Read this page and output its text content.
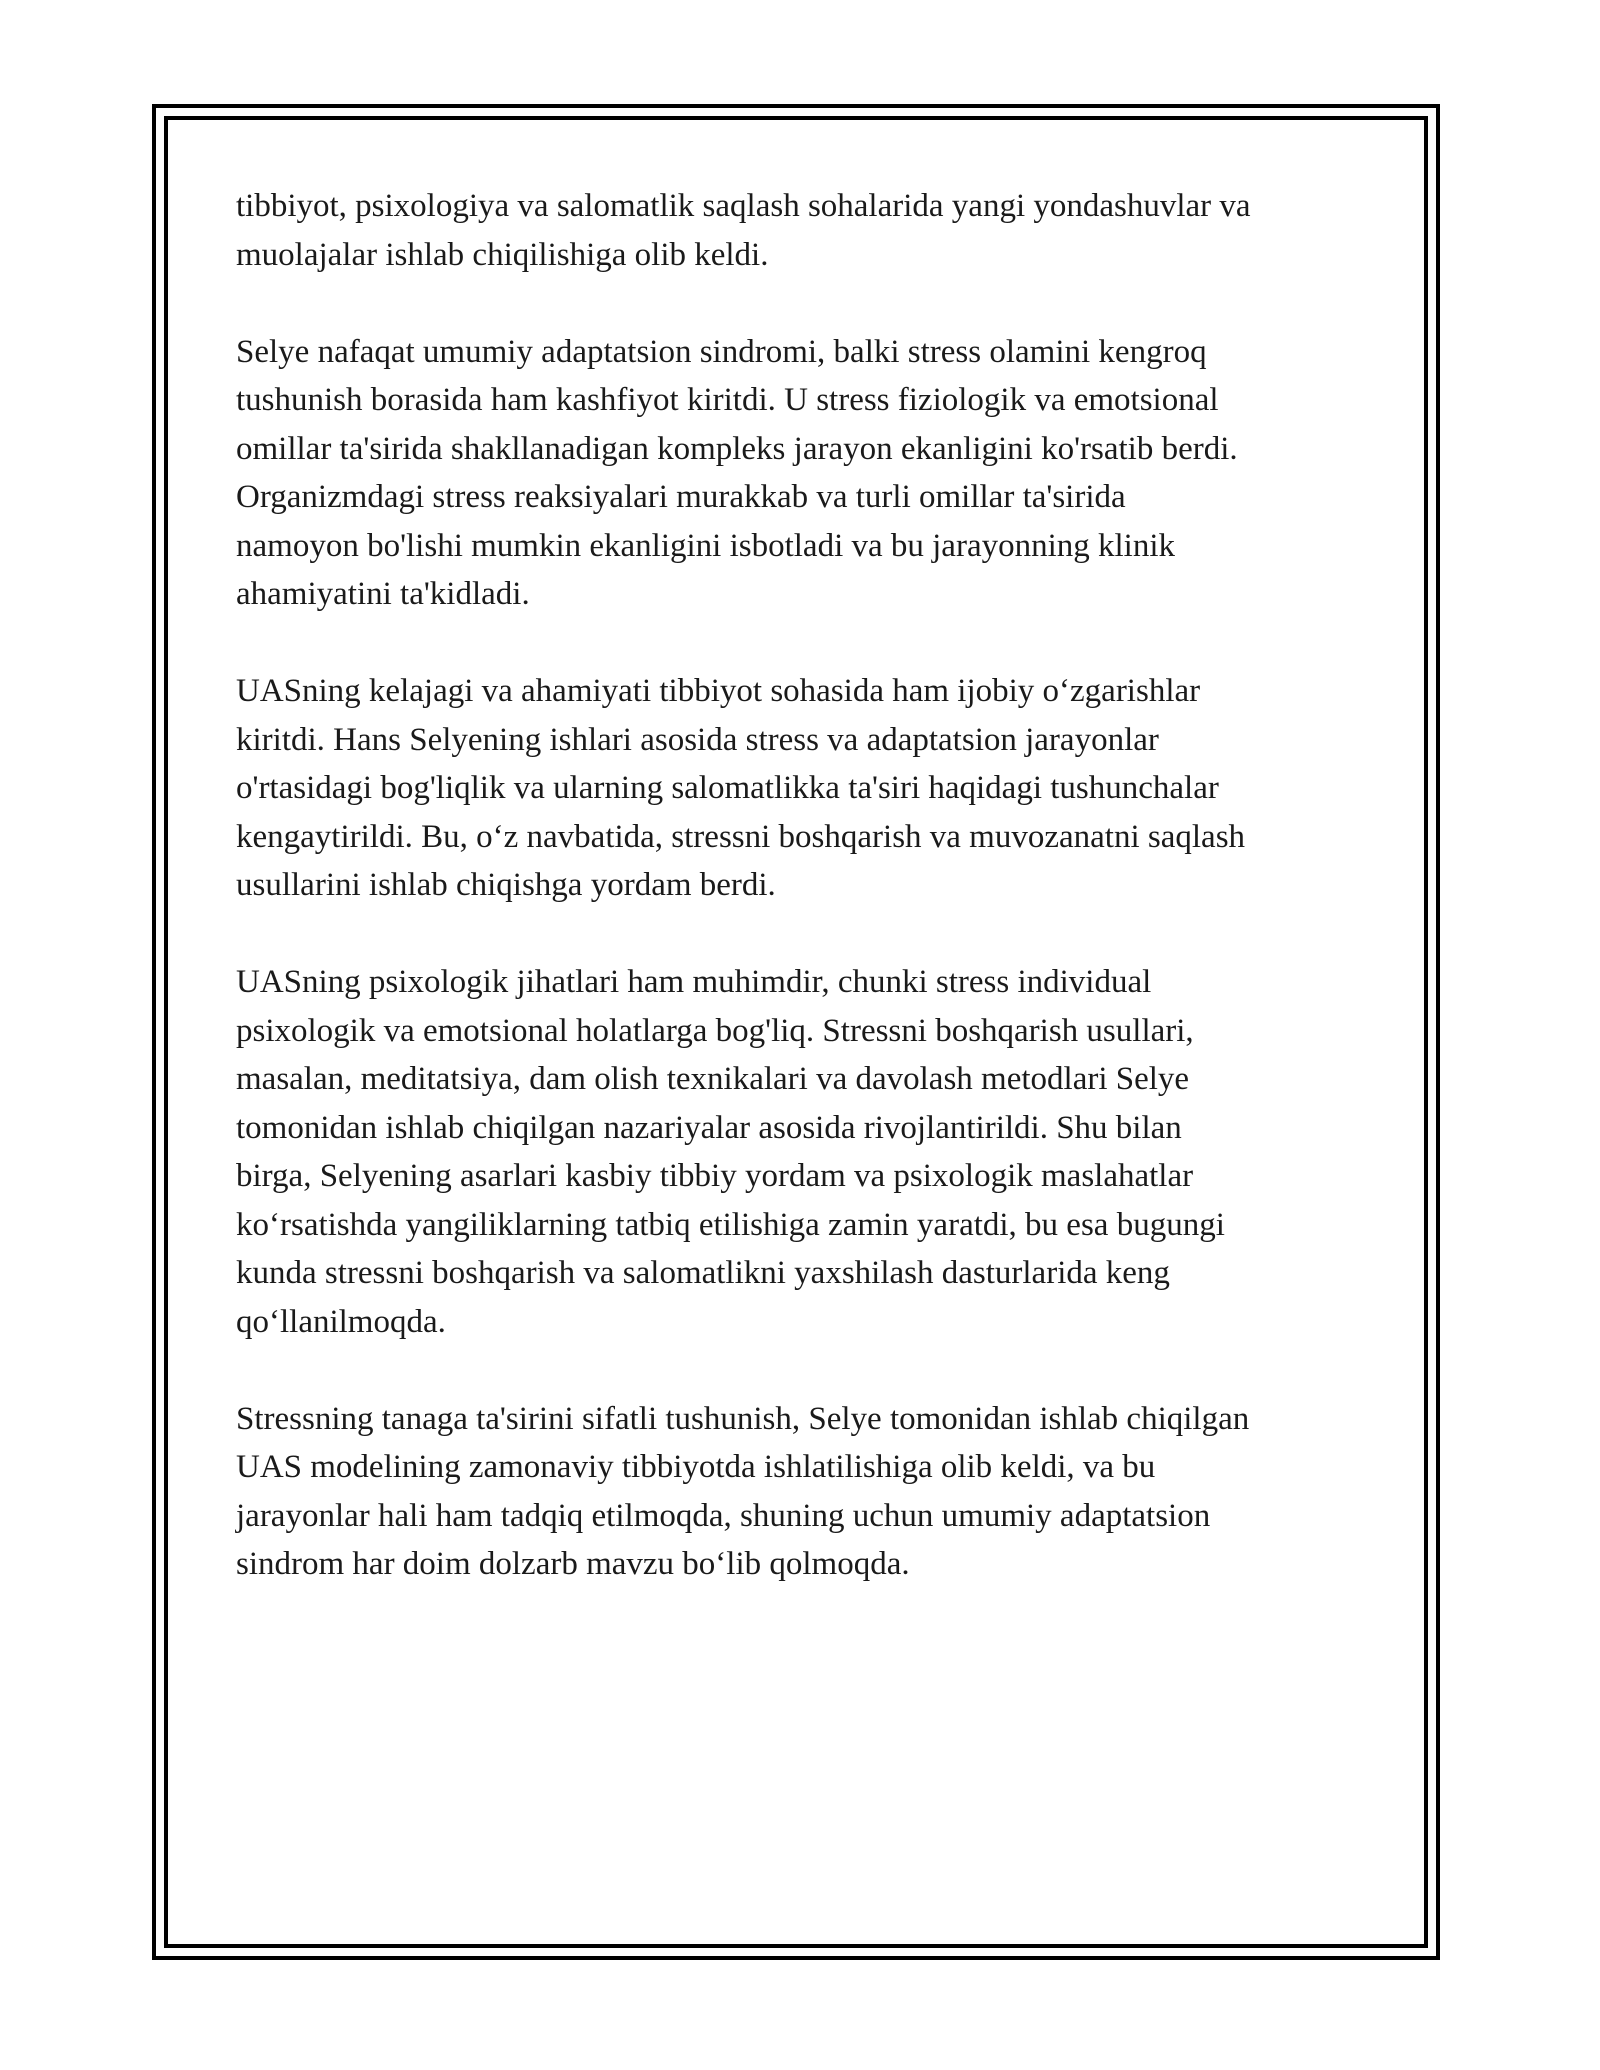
tibbiyot, psixologiya va salomatlik saqlash sohalarida yangi yondashuvlar va
muolajalar ishlab chiqilishiga olib keldi.

Selye nafaqat umumiy adaptatsion sindromi, balki stress olamini kengroq
tushunish borasida ham kashfiyot kiritdi. U stress fiziologik va emotsional
omillar ta'sirida shakllanadigan kompleks jarayon ekanligini ko'rsatib berdi.
Organizmdagi stress reaksiyalari murakkab va turli omillar ta'sirida
namoyon bo'lishi mumkin ekanligini isbotladi va bu jarayonning klinik
ahamiyatini ta'kidladi.

UASning kelajagi va ahamiyati tibbiyot sohasida ham ijobiy o‘zgarishlar
kiritdi. Hans Selyening ishlari asosida stress va adaptatsion jarayonlar
o'rtasidagi bog'liqlik va ularning salomatlikka ta'siri haqidagi tushunchalar
kengaytirildi. Bu, o‘z navbatida, stressni boshqarish va muvozanatni saqlash
usullarini ishlab chiqishga yordam berdi.

UASning psixologik jihatlari ham muhimdir, chunki stress individual
psixologik va emotsional holatlarga bog'liq. Stressni boshqarish usullari,
masalan, meditatsiya, dam olish texnikalari va davolash metodlari Selye
tomonidan ishlab chiqilgan nazariyalar asosida rivojlantirildi. Shu bilan
birga, Selyening asarlari kasbiy tibbiy yordam va psixologik maslahatlar
ko‘rsatishda yangiliklarning tatbiq etilishiga zamin yaratdi, bu esa bugungi
kunda stressni boshqarish va salomatlikni yaxshilash dasturlarida keng
qo‘llanilmoqda.

Stressning tanaga ta'sirini sifatli tushunish, Selye tomonidan ishlab chiqilgan
UAS modelining zamonaviy tibbiyotda ishlatilishiga olib keldi, va bu
jarayonlar hali ham tadqiq etilmoqda, shuning uchun umumiy adaptatsion
sindrom har doim dolzarb mavzu bo‘lib qolmoqda.
